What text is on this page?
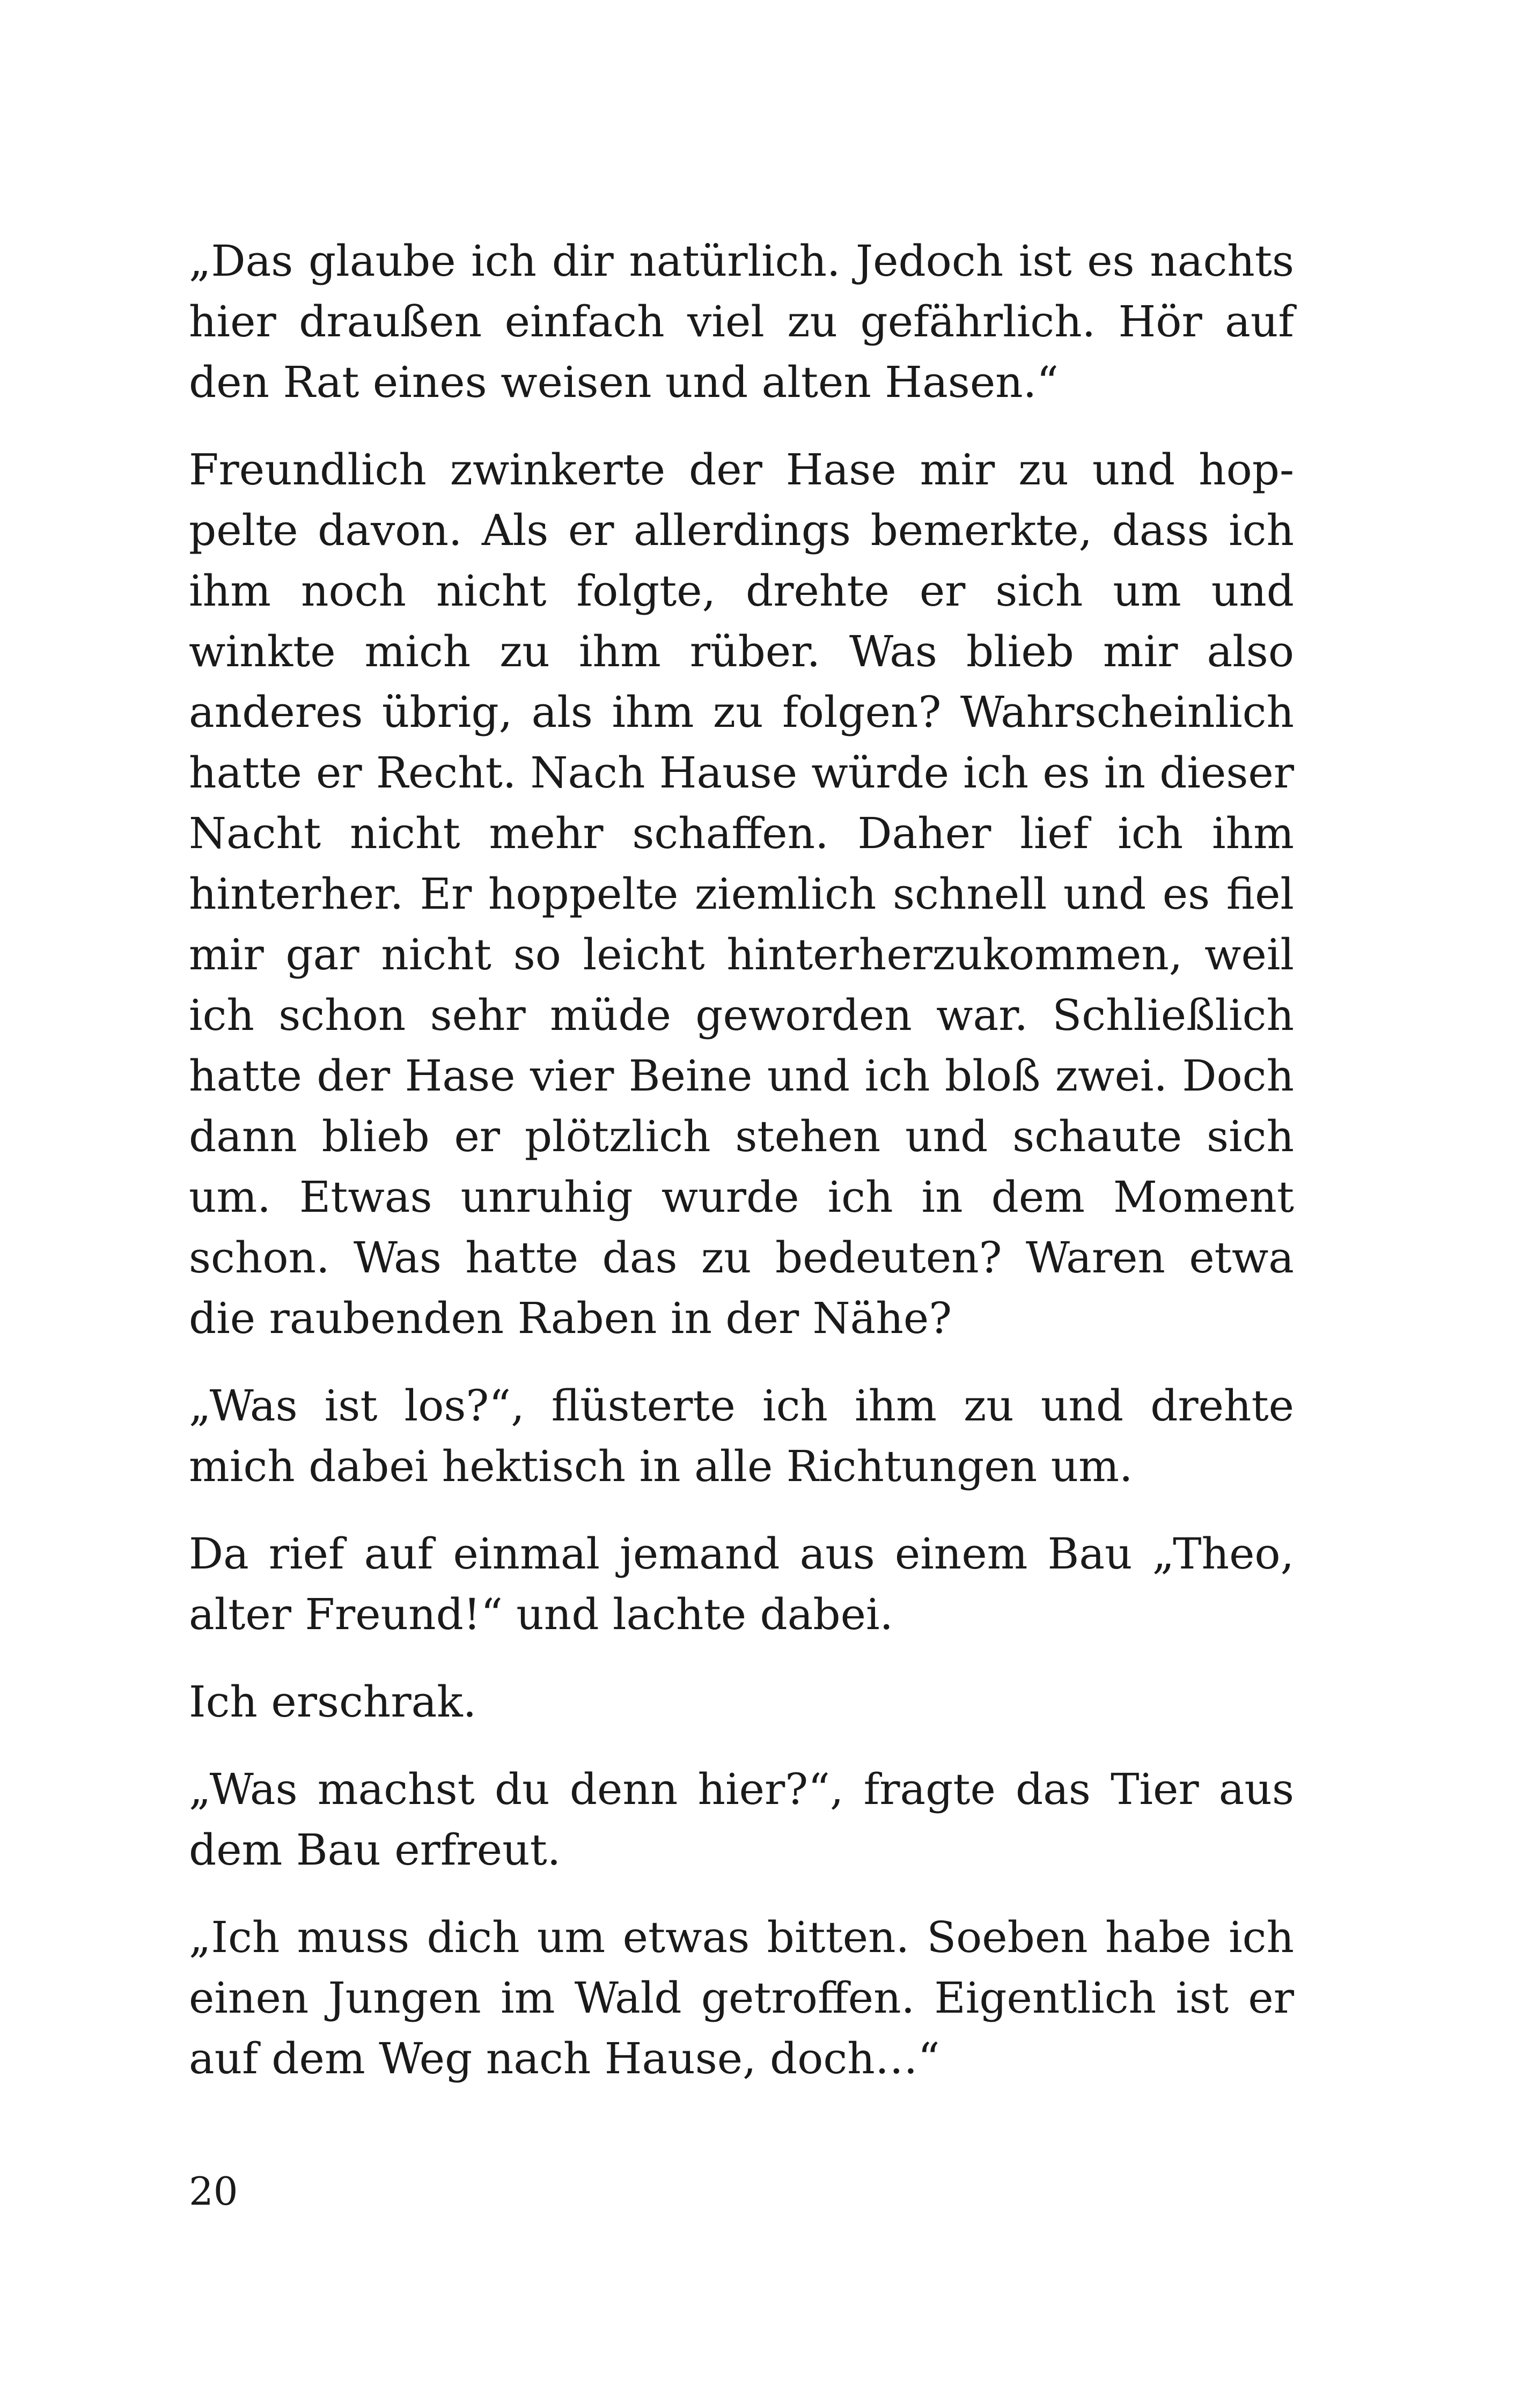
„Das glaube ich dir natürlich. Jedoch ist es nachts hier draußen einfach viel zu gefährlich. Hör auf den Rat eines weisen und alten Hasen.“

Freundlich zwinkerte der Hase mir zu und hoppelte davon. Als er allerdings bemerkte, dass ich ihm noch nicht folgte, drehte er sich um und winkte mich zu ihm rüber. Was blieb mir also anderes übrig, als ihm zu folgen? Wahrscheinlich hatte er Recht. Nach Hause würde ich es in dieser Nacht nicht mehr schaffen. Daher lief ich ihm hinterher. Er hoppelte ziemlich schnell und es fiel mir gar nicht so leicht hinterherzukommen, weil ich schon sehr müde geworden war. Schließlich hatte der Hase vier Beine und ich bloß zwei. Doch dann blieb er plötzlich stehen und schaute sich um. Etwas unruhig wurde ich in dem Moment schon. Was hatte das zu bedeuten? Waren etwa die raubenden Raben in der Nähe?

„Was ist los?“, flüsterte ich ihm zu und drehte mich dabei hektisch in alle Richtungen um.

Da rief auf einmal jemand aus einem Bau „Theo, alter Freund!“ und lachte dabei.

Ich erschrak.

„Was machst du denn hier?“, fragte das Tier aus dem Bau erfreut.

„Ich muss dich um etwas bitten. Soeben habe ich einen Jungen im Wald getroffen. Eigentlich ist er auf dem Weg nach Hause, doch…“

20
